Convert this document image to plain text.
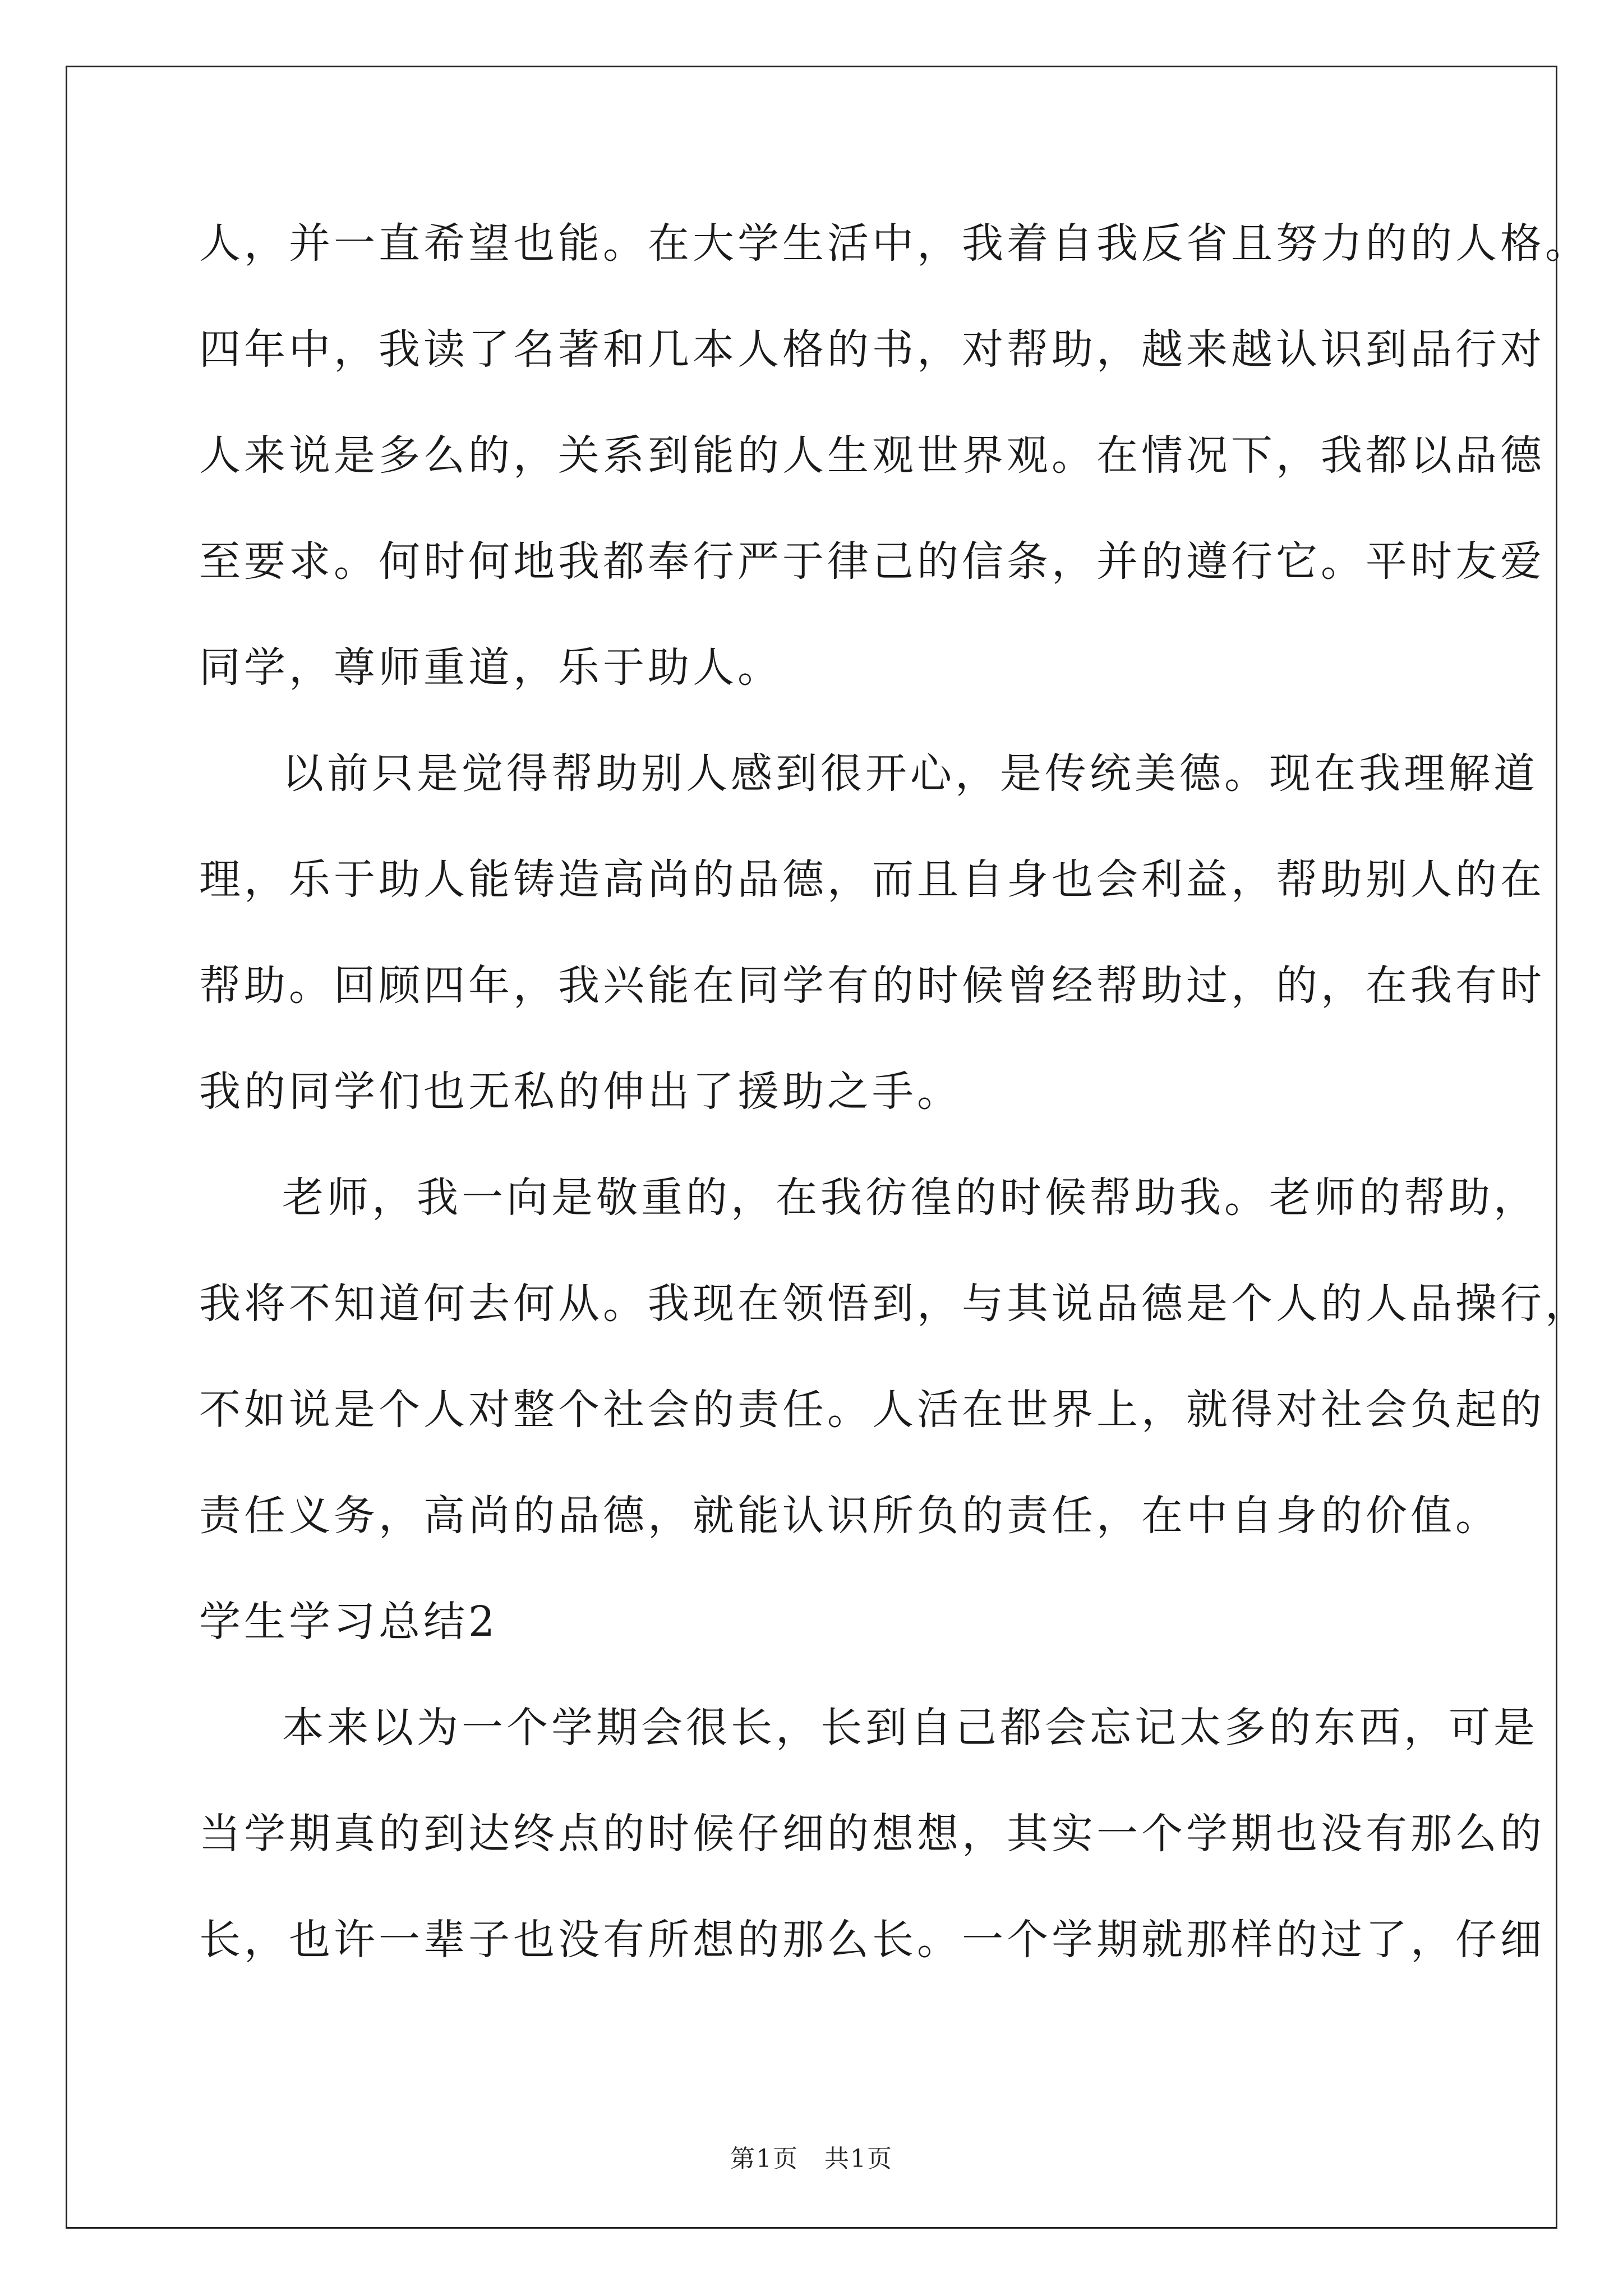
人，并一直希望也能。在大学生活中，我着自我反省且努力的的人格。
四年中，我读了名著和几本人格的书，对帮助，越来越认识到品行对
人来说是多么的，关系到能的人生观世界观。在情况下，我都以品德
至要求。何时何地我都奉行严于律己的信条，并的遵行它。平时友爱
同学，尊师重道，乐于助人。
以前只是觉得帮助别人感到很开心，是传统美德。现在我理解道
理，乐于助人能铸造高尚的品德，而且自身也会利益，帮助别人的在
帮助。回顾四年，我兴能在同学有的时候曾经帮助过，的，在我有时
我的同学们也无私的伸出了援助之手。
老师，我一向是敬重的，在我彷徨的时候帮助我。老师的帮助，
我将不知道何去何从。我现在领悟到，与其说品德是个人的人品操行，
不如说是个人对整个社会的责任。人活在世界上，就得对社会负起的
责任义务，高尚的品德，就能认识所负的责任，在中自身的价值。
学生学习总结2
本来以为一个学期会很长，长到自己都会忘记太多的东西，可是
当学期真的到达终点的时候仔细的想想，其实一个学期也没有那么的
长，也许一辈子也没有所想的那么长。一个学期就那样的过了，仔细
第1页　共1页
